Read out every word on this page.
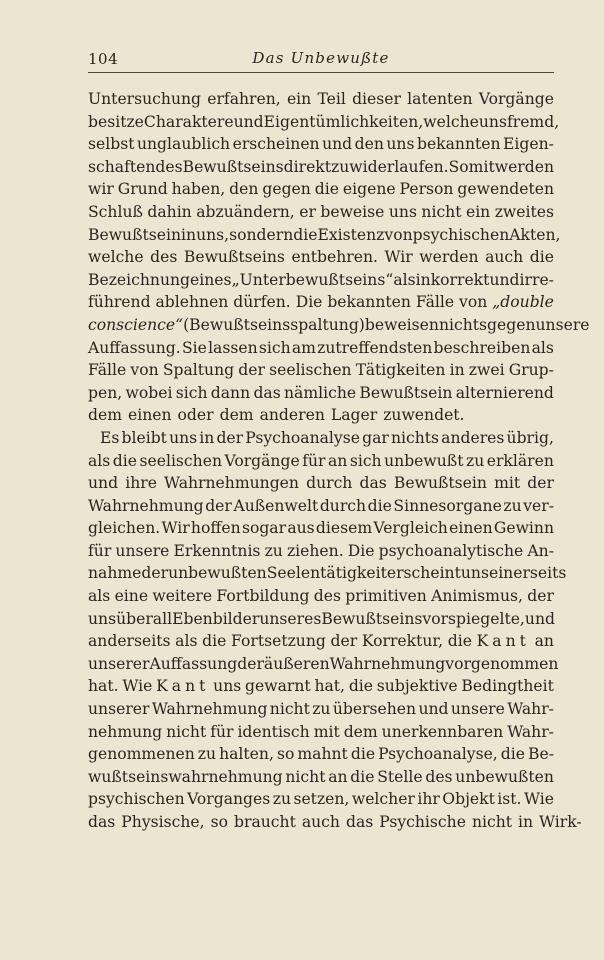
104	Das Unbewußte
Untersuchung erfahren, ein Teil dieser latenten Vorgänge
besitze Charaktere und Eigentümlichkeiten, welche uns fremd,
selbst unglaublich erscheinen und den uns bekannten Eigen-
schaften des Bewußtseins direkt zuwiderlaufen. Somit werden
wir Grund haben, den gegen die eigene Person gewendeten
Schluß dahin abzuändern, er beweise uns nicht ein zweites
Bewußtsein in uns, sondern die Existenz von psychischen Akten,
welche des Bewußtseins entbehren. Wir werden auch die
Bezeichnung eines „Unterbewußtseins“ als inkorrekt und irre-
führend ablehnen dürfen. Die bekannten Fälle von „double
conscience“ (Bewußtseinsspaltung) beweisen nichts gegen unsere
Auffassung. Sie lassen sich am zutreffendsten beschreiben als
Fälle von Spaltung der seelischen Tätigkeiten in zwei Grup-
pen, wobei sich dann das nämliche Bewußtsein alternierend
dem einen oder dem anderen Lager zuwendet.
Es bleibt uns in der Psychoanalyse gar nichts anderes übrig,
als die seelischen Vorgänge für an sich unbewußt zu erklären
und ihre Wahrnehmungen durch das Bewußtsein mit der
Wahrnehmung der Außenwelt durch die Sinnesorgane zu ver-
gleichen. Wir hoffen sogar aus diesem Vergleich einen Gewinn
für unsere Erkenntnis zu ziehen. Die psychoanalytische An-
nahme der unbewußten Seelentätigkeit erscheint uns einerseits
als eine weitere Fortbildung des primitiven Animismus, der
uns überall Ebenbilder unseres Bewußtseins vorspiegelte, und
anderseits als die Fortsetzung der Korrektur, die Kant an
unserer Auffassung der äußeren Wahrnehmung vorgenommen
hat. Wie Kant uns gewarnt hat, die subjektive Bedingtheit
unserer Wahrnehmung nicht zu übersehen und unsere Wahr-
nehmung nicht für identisch mit dem unerkennbaren Wahr-
genommenen zu halten, so mahnt die Psychoanalyse, die Be-
wußtseinswahrnehmung nicht an die Stelle des unbewußten
psychischen Vorganges zu setzen, welcher ihr Objekt ist. Wie
das Physische, so braucht auch das Psychische nicht in Wirk-
